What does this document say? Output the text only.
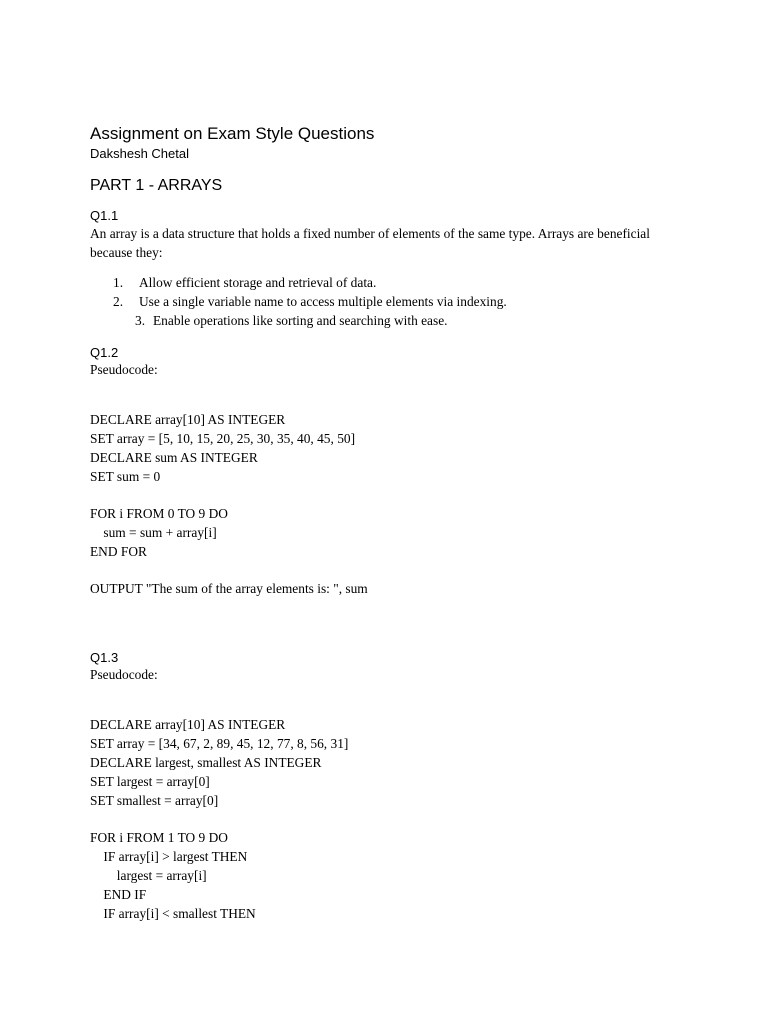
Assignment on Exam Style Questions
Dakshesh Chetal
PART 1 - ARRAYS
Q1.1
An array is a data structure that holds a fixed number of elements of the same type. Arrays are beneficial because they:
1. Allow efficient storage and retrieval of data.
2. Use a single variable name to access multiple elements via indexing.
3. Enable operations like sorting and searching with ease.
Q1.2
Pseudocode:
DECLARE array[10] AS INTEGER
SET array = [5, 10, 15, 20, 25, 30, 35, 40, 45, 50]
DECLARE sum AS INTEGER
SET sum = 0
FOR i FROM 0 TO 9 DO
sum = sum + array[i]
END FOR
OUTPUT "The sum of the array elements is: ", sum
Q1.3
Pseudocode:
DECLARE array[10] AS INTEGER
SET array = [34, 67, 2, 89, 45, 12, 77, 8, 56, 31]
DECLARE largest, smallest AS INTEGER
SET largest = array[0]
SET smallest = array[0]
FOR i FROM 1 TO 9 DO
IF array[i] > largest THEN
largest = array[i]
END IF
IF array[i] < smallest THEN
